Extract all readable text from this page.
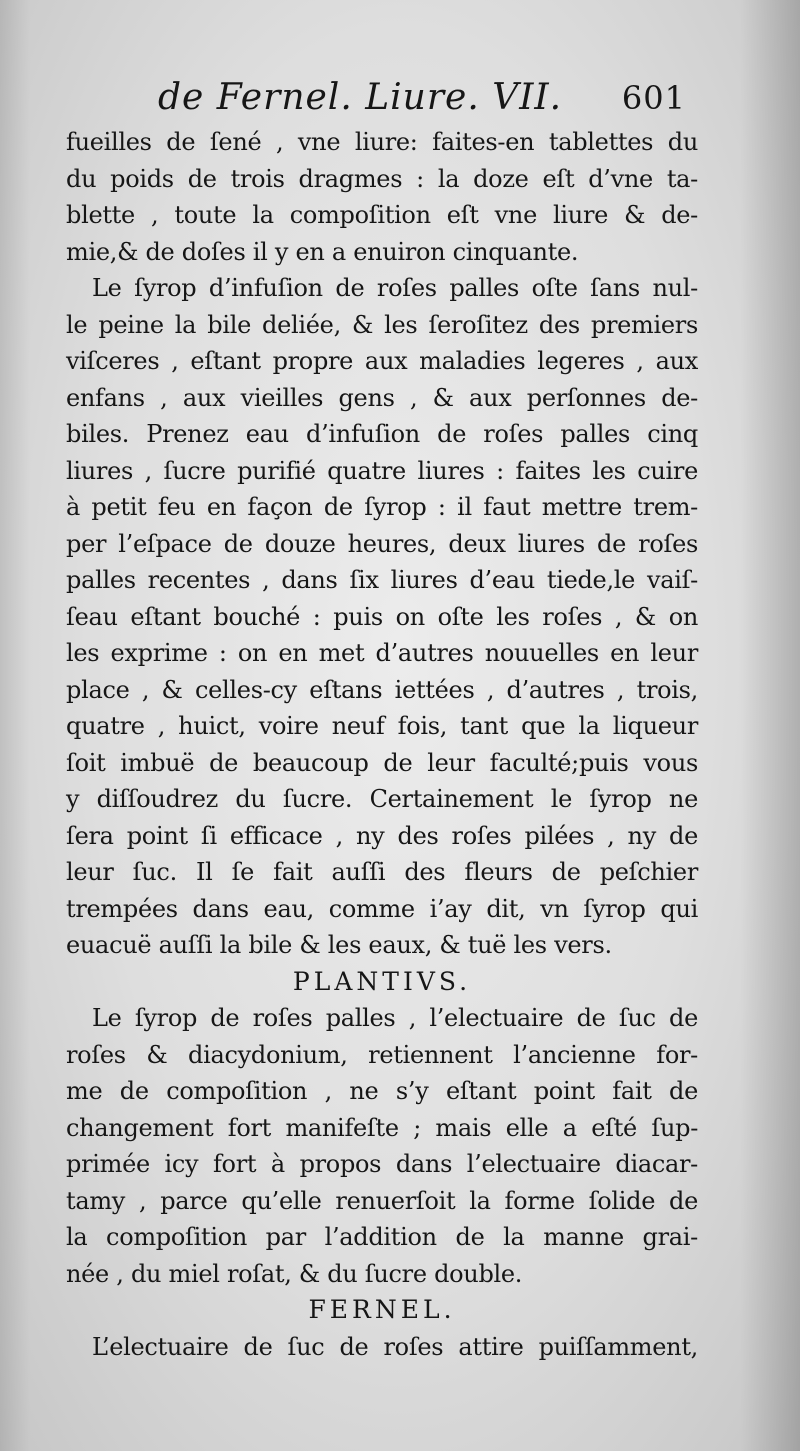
de Fernel. Liure. VII. 601
fueilles de ſené , vne liure: faites-en tablettes du
du poids de trois dragmes : la doze eſt d’vne ta-
blette , toute la compoſition eſt vne liure & de-
mie,& de doſes il y en a enuiron cinquante.
Le ſyrop d’infuſion de roſes palles oſte ſans nul-
le peine la bile deliée, & les ſeroſitez des premiers
viſceres , eſtant propre aux maladies legeres , aux
enfans , aux vieilles gens , & aux perſonnes de-
biles. Prenez eau d’infuſion de roſes palles cinq
liures , ſucre purifié quatre liures : faites les cuire
à petit feu en façon de ſyrop : il faut mettre trem-
per l’eſpace de douze heures, deux liures de roſes
palles recentes , dans ſix liures d’eau tiede,le vaiſ-
ſeau eſtant bouché : puis on oſte les roſes , & on
les exprime : on en met d’autres nouuelles en leur
place , & celles-cy eſtans iettées , d’autres , trois,
quatre , huict, voire neuf fois, tant que la liqueur
ſoit imbuë de beaucoup de leur faculté;puis vous
y diſſoudrez du ſucre. Certainement le ſyrop ne
ſera point ſi efficace , ny des roſes pilées , ny de
leur ſuc. Il ſe fait auſſi des fleurs de peſchier
trempées dans eau, comme i’ay dit, vn ſyrop qui
euacuë auſſi la bile & les eaux, & tuë les vers.
PLANTIVS.
Le ſyrop de roſes palles , l’electuaire de ſuc de
roſes & diacydonium, retiennent l’ancienne for-
me de compoſition , ne s’y eſtant point fait de
changement fort manifeſte ; mais elle a eſté ſup-
primée icy fort à propos dans l’electuaire diacar-
tamy , parce qu’elle renuerſoit la forme ſolide de
la compoſition par l’addition de la manne grai-
née , du miel roſat, & du ſucre double.
FERNEL.
L’electuaire de ſuc de roſes attire puiſſamment,
